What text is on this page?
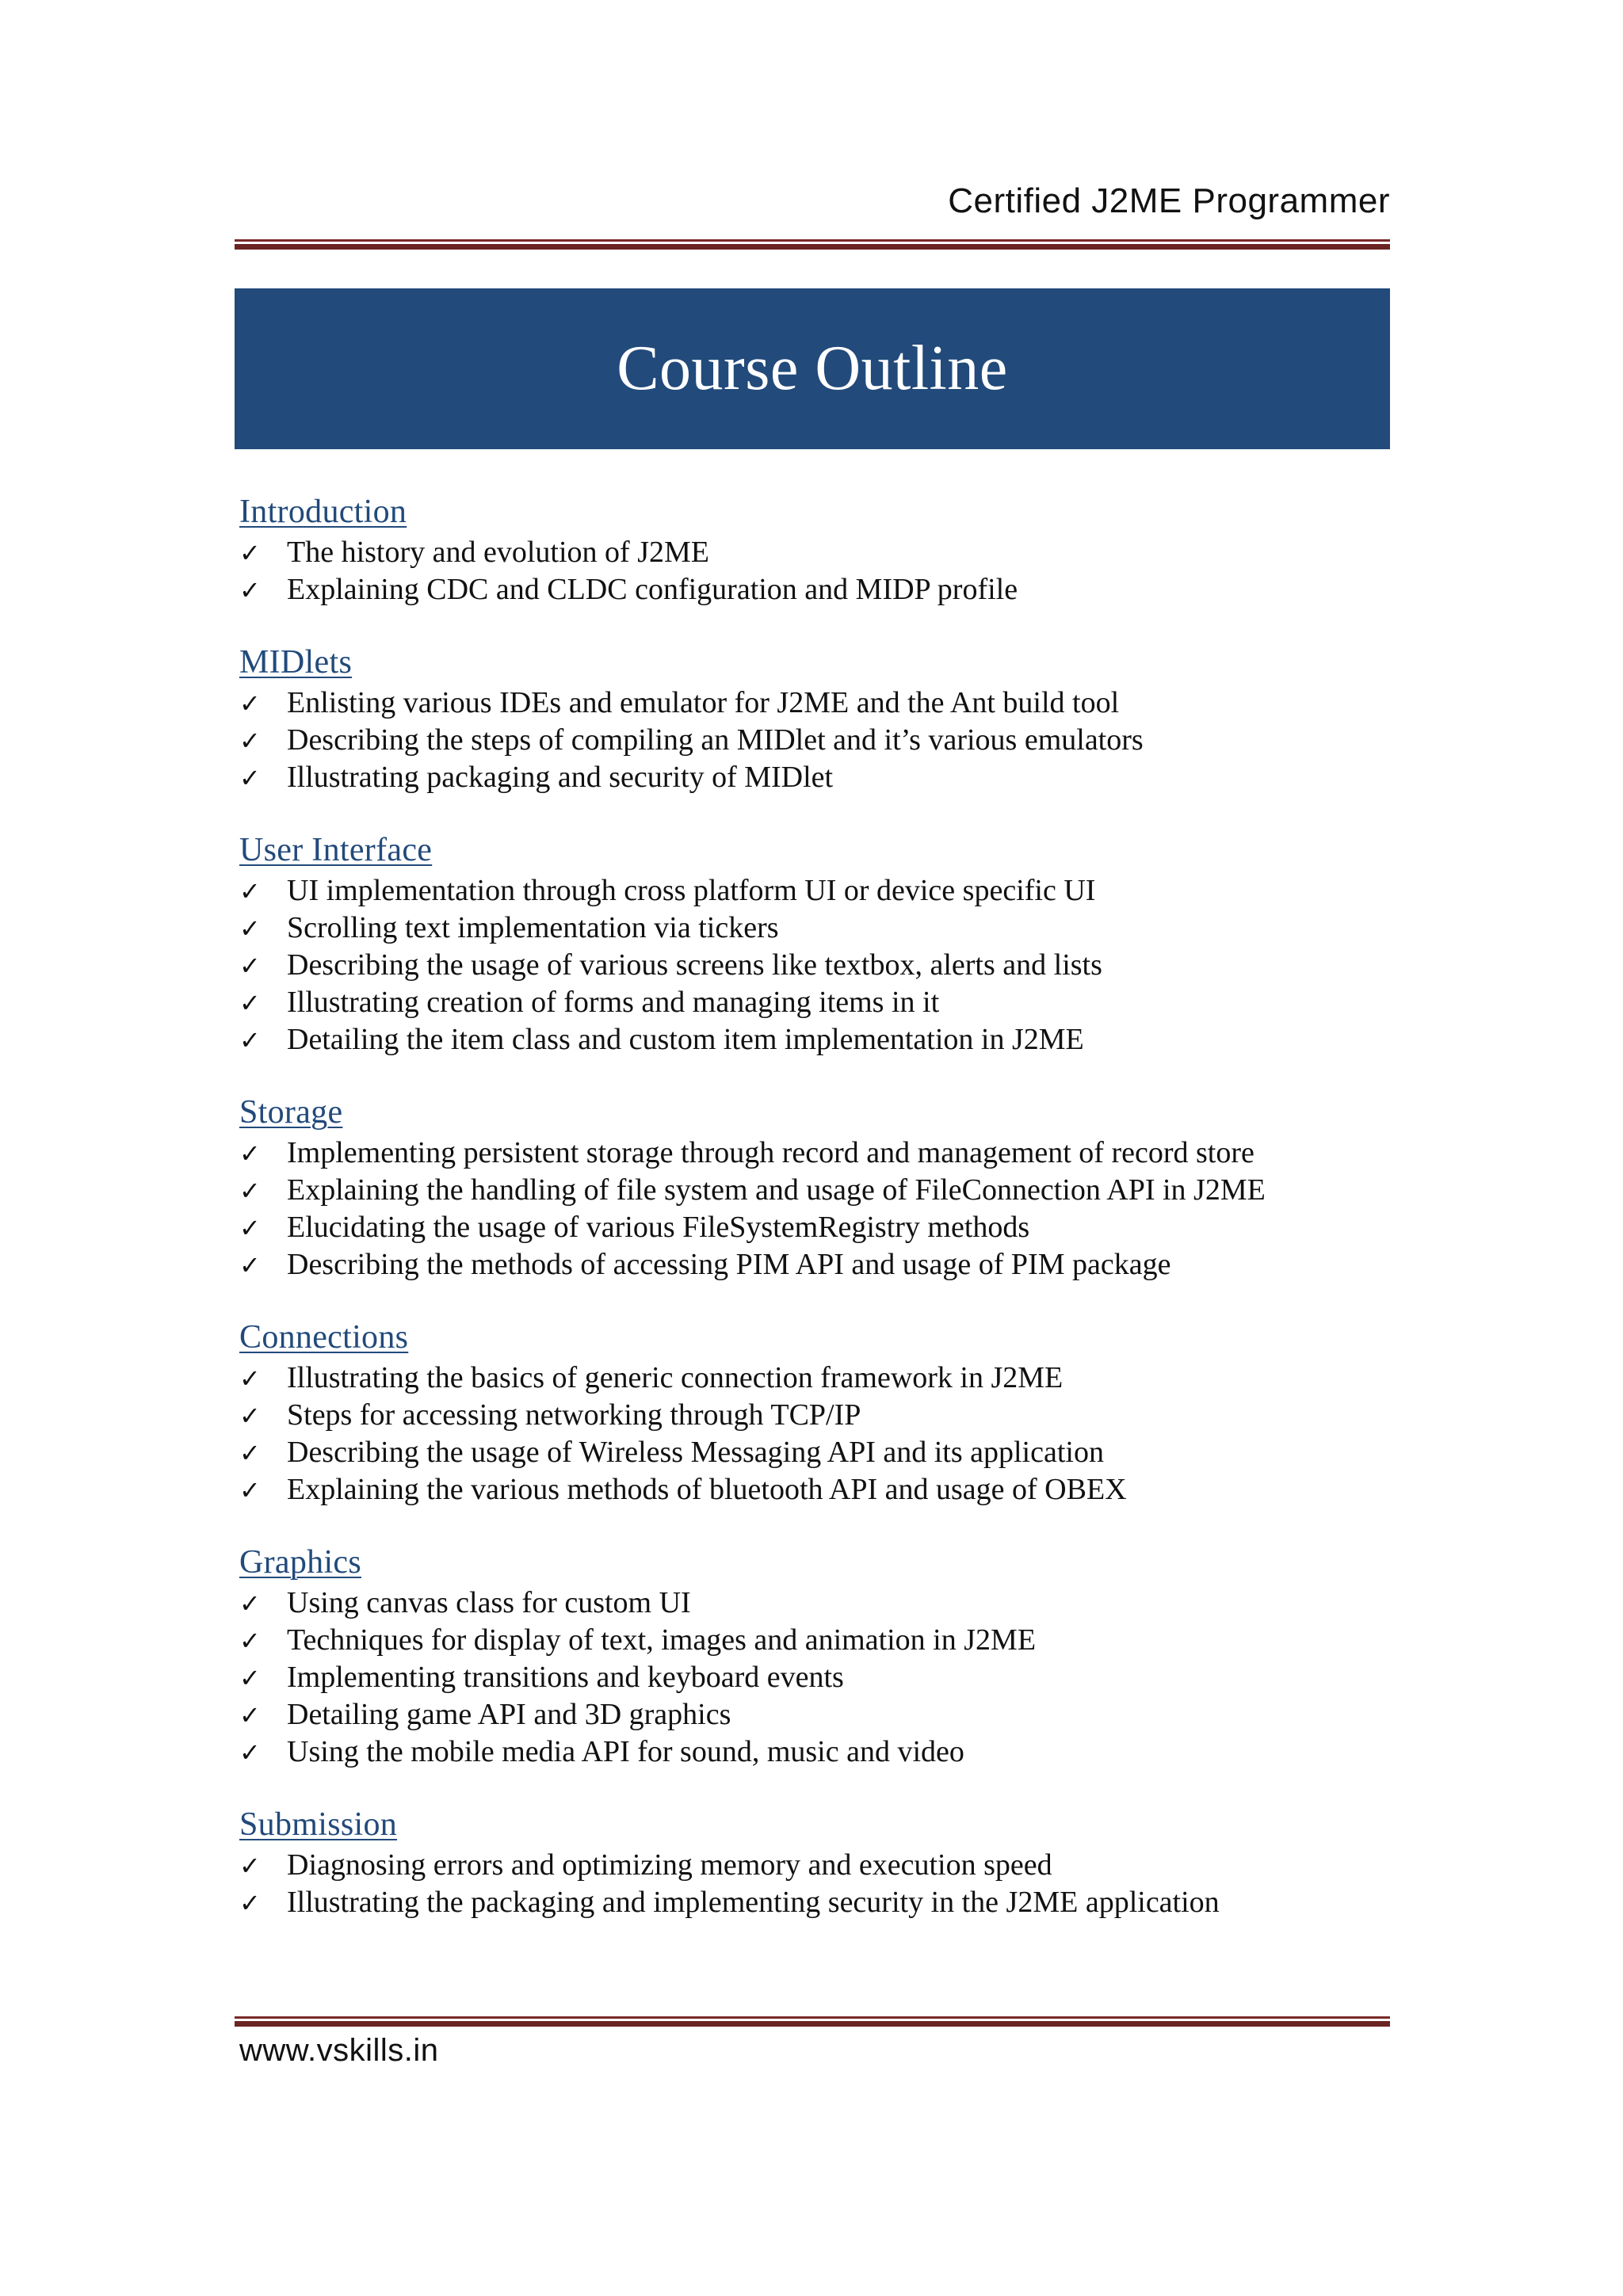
Certified J2ME Programmer
Course Outline
Introduction
✓ The history and evolution of J2ME
✓ Explaining CDC and CLDC configuration and MIDP profile
MIDlets
✓ Enlisting various IDEs and emulator for J2ME and the Ant build tool
✓ Describing the steps of compiling an MIDlet and it’s various emulators
✓ Illustrating packaging and security of MIDlet
User Interface
✓ UI implementation through cross platform UI or device specific UI
✓ Scrolling text implementation via tickers
✓ Describing the usage of various screens like textbox, alerts and lists
✓ Illustrating creation of forms and managing items in it
✓ Detailing the item class and custom item implementation in J2ME
Storage
✓ Implementing persistent storage through record and management of record store
✓ Explaining the handling of file system and usage of FileConnection API in J2ME
✓ Elucidating the usage of various FileSystemRegistry methods
✓ Describing the methods of accessing PIM API and usage of PIM package
Connections
✓ Illustrating the basics of generic connection framework in J2ME
✓ Steps for accessing networking through TCP/IP
✓ Describing the usage of Wireless Messaging API and its application
✓ Explaining the various methods of bluetooth API and usage of OBEX
Graphics
✓ Using canvas class for custom UI
✓ Techniques for display of text, images and animation in J2ME
✓ Implementing transitions and keyboard events
✓ Detailing game API and 3D graphics
✓ Using the mobile media API for sound, music and video
Submission
✓ Diagnosing errors and optimizing memory and execution speed
✓ Illustrating the packaging and implementing security in the J2ME application
www.vskills.in
